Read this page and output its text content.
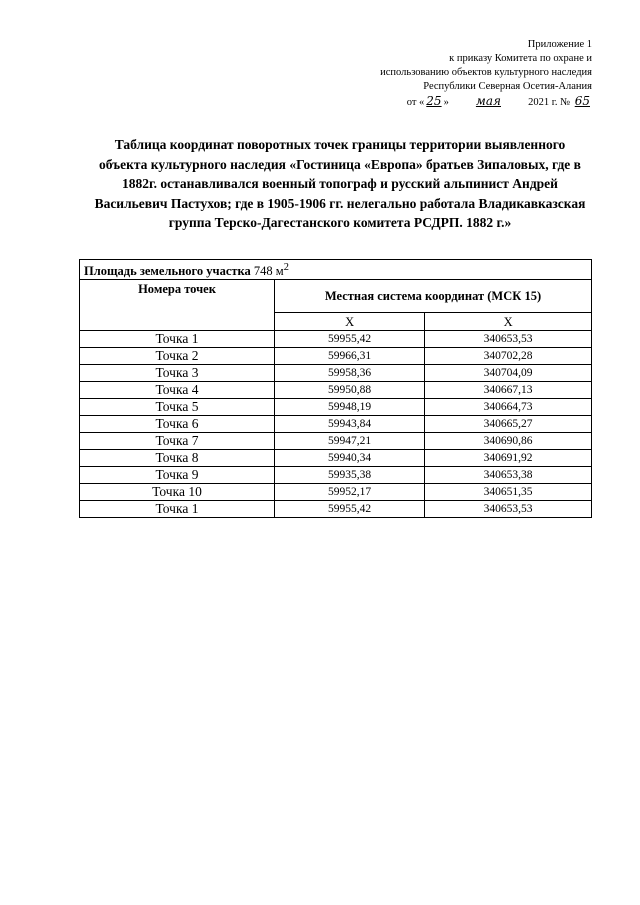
Приложение 1
к приказу Комитета по охране и
использованию объектов культурного наследия
Республики Северная Осетия-Алания
от « 25 » мая	2021 г. № 65
Таблица координат поворотных точек границы территории выявленного объекта культурного наследия «Гостиница «Европа» братьев Зипаловых, где в 1882г. останавливался военный топограф и русский альпинист Андрей Васильевич Пастухов; где в 1905-1906 гг. нелегально работала Владикавказская группа Терско-Дагестанского комитета РСДРП. 1882 г.»
Площадь земельного участка 748 $м^2$
Номера точек	Местная система координат (МСК 15)	
	X	Х
Точка 1	59955,42	340653,53
Точка 2	59966,31	340702,28
Точка 3	59958,36	340704,09
Точка 4	59950,88	340667,13
Точка 5	59948,19	340664,73
Точка 6	59943,84	340665,27
Точка 7	59947,21	340690,86
Точка 8	59940,34	340691,92
Точка 9	59935,38	340653,38
Точка 10	59952,17	340651,35
Точка 1	59955,42	340653,53
